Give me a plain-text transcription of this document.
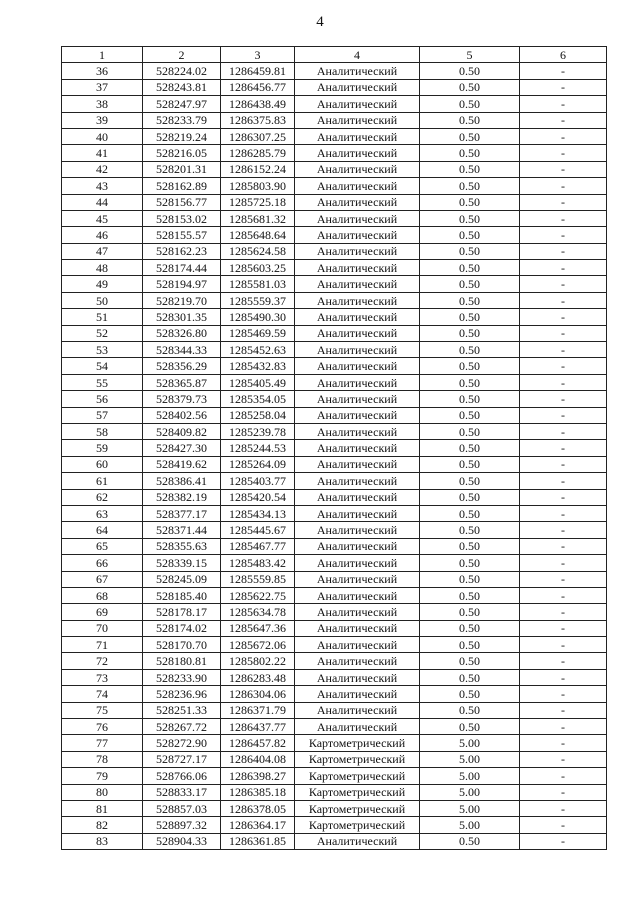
4
1	2	3	4	5	6
36	528224.02	1286459.81	Аналитический	0.50	-
37	528243.81	1286456.77	Аналитический	0.50	-
38	528247.97	1286438.49	Аналитический	0.50	-
39	528233.79	1286375.83	Аналитический	0.50	-
40	528219.24	1286307.25	Аналитический	0.50	-
41	528216.05	1286285.79	Аналитический	0.50	-
42	528201.31	1286152.24	Аналитический	0.50	-
43	528162.89	1285803.90	Аналитический	0.50	-
44	528156.77	1285725.18	Аналитический	0.50	-
45	528153.02	1285681.32	Аналитический	0.50	-
46	528155.57	1285648.64	Аналитический	0.50	-
47	528162.23	1285624.58	Аналитический	0.50	-
48	528174.44	1285603.25	Аналитический	0.50	-
49	528194.97	1285581.03	Аналитический	0.50	-
50	528219.70	1285559.37	Аналитический	0.50	-
51	528301.35	1285490.30	Аналитический	0.50	-
52	528326.80	1285469.59	Аналитический	0.50	-
53	528344.33	1285452.63	Аналитический	0.50	-
54	528356.29	1285432.83	Аналитический	0.50	-
55	528365.87	1285405.49	Аналитический	0.50	-
56	528379.73	1285354.05	Аналитический	0.50	-
57	528402.56	1285258.04	Аналитический	0.50	-
58	528409.82	1285239.78	Аналитический	0.50	-
59	528427.30	1285244.53	Аналитический	0.50	-
60	528419.62	1285264.09	Аналитический	0.50	-
61	528386.41	1285403.77	Аналитический	0.50	-
62	528382.19	1285420.54	Аналитический	0.50	-
63	528377.17	1285434.13	Аналитический	0.50	-
64	528371.44	1285445.67	Аналитический	0.50	-
65	528355.63	1285467.77	Аналитический	0.50	-
66	528339.15	1285483.42	Аналитический	0.50	-
67	528245.09	1285559.85	Аналитический	0.50	-
68	528185.40	1285622.75	Аналитический	0.50	-
69	528178.17	1285634.78	Аналитический	0.50	-
70	528174.02	1285647.36	Аналитический	0.50	-
71	528170.70	1285672.06	Аналитический	0.50	-
72	528180.81	1285802.22	Аналитический	0.50	-
73	528233.90	1286283.48	Аналитический	0.50	-
74	528236.96	1286304.06	Аналитический	0.50	-
75	528251.33	1286371.79	Аналитический	0.50	-
76	528267.72	1286437.77	Аналитический	0.50	-
77	528272.90	1286457.82	Картометрический	5.00	-
78	528727.17	1286404.08	Картометрический	5.00	-
79	528766.06	1286398.27	Картометрический	5.00	-
80	528833.17	1286385.18	Картометрический	5.00	-
81	528857.03	1286378.05	Картометрический	5.00	-
82	528897.32	1286364.17	Картометрический	5.00	-
83	528904.33	1286361.85	Аналитический	0.50	-
